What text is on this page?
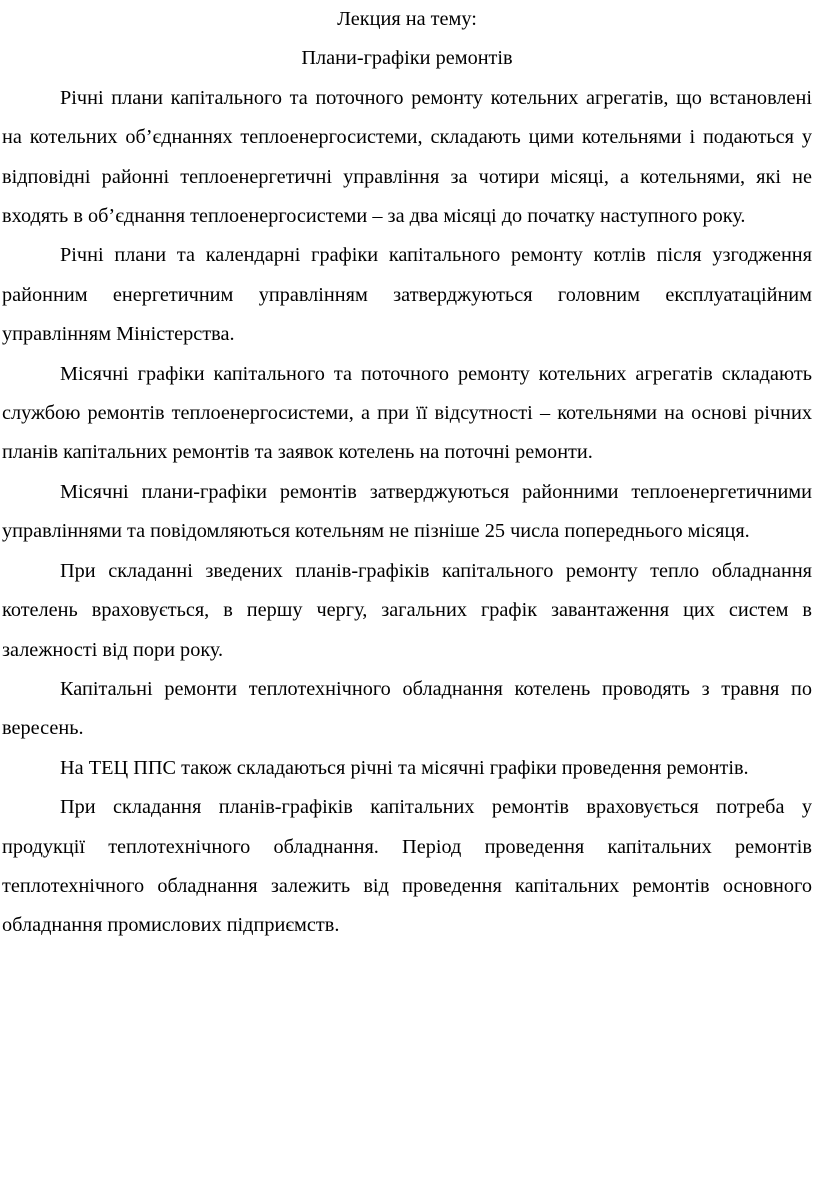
Лекция на тему:

Плани-графіки ремонтів

Річні плани капітального та поточного ремонту котельних агрегатів, що встановлені на котельних об’єднаннях теплоенергосистеми, складають цими котельнями і подаються у відповідні районні теплоенергетичні управління за чотири місяці, а котельнями, які не входять в об’єднання теплоенергосистеми – за два місяці до початку наступного року.

Річні плани та календарні графіки капітального ремонту котлів після узгодження районним енергетичним управлінням затверджуються головним експлуатаційним управлінням Міністерства.

Місячні графіки капітального та поточного ремонту котельних агрегатів складають службою ремонтів теплоенергосистеми, а при її відсутності – котельнями на основі річних планів капітальних ремонтів та заявок котелень на поточні ремонти.

Місячні плани-графіки ремонтів затверджуються районними теплоенергетичними управліннями та повідомляються котельням не пізніше 25 числа попереднього місяця.

При складанні зведених планів-графіків капітального ремонту тепло обладнання котелень враховується, в першу чергу, загальних графік завантаження цих систем в залежності від пори року.

Капітальні ремонти теплотехнічного обладнання котелень проводять з травня по вересень.

На ТЕЦ ППС також складаються річні та місячні графіки проведення ремонтів.

При складання планів-графіків капітальних ремонтів враховується потреба у продукції теплотехнічного обладнання. Період проведення капітальних ремонтів теплотехнічного обладнання залежить від проведення капітальних ремонтів основного обладнання промислових підприємств.
